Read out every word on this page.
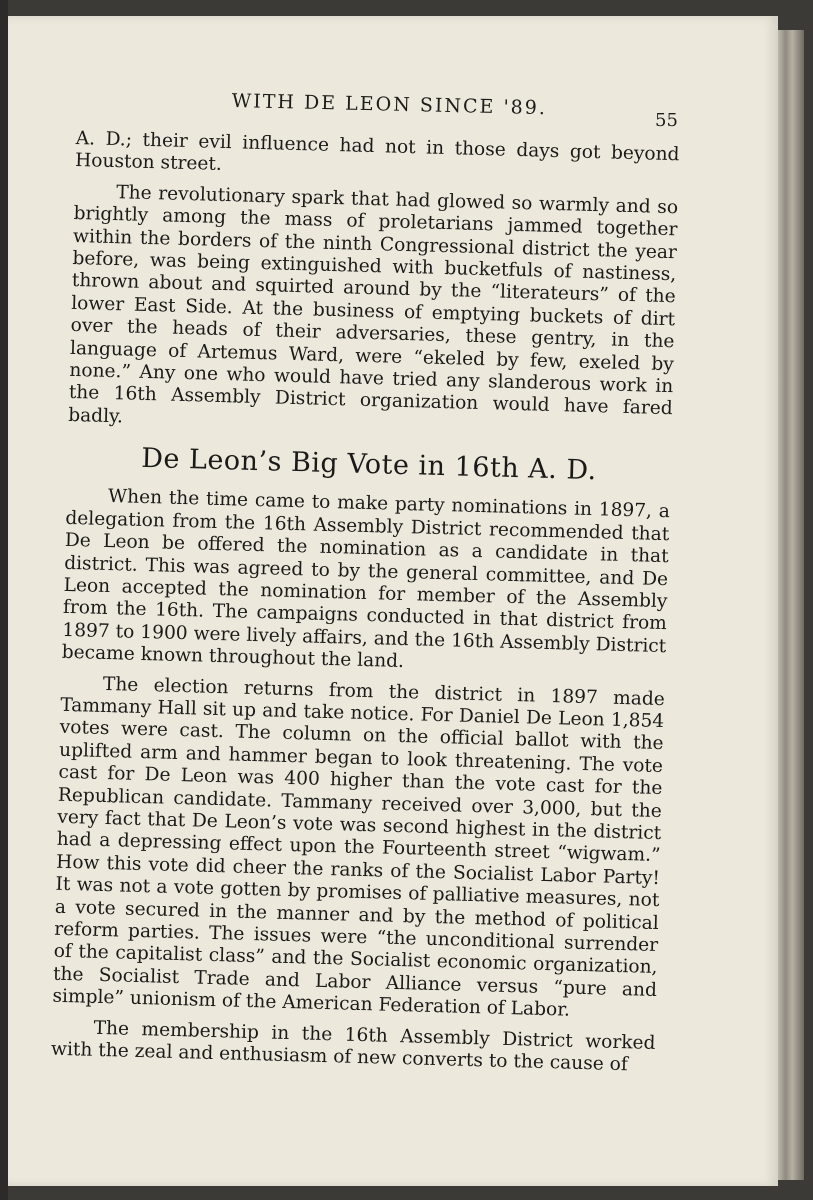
WITH DE LEON SINCE '89.
55

A. D.; their evil influence had not in those days got beyond Houston street.

The revolutionary spark that had glowed so warmly and so brightly among the mass of proletarians jammed together within the borders of the ninth Congressional district the year before, was being extinguished with bucketfuls of nastiness, thrown about and squirted around by the “literateurs” of the lower East Side. At the business of emptying buckets of dirt over the heads of their adversaries, these gentry, in the language of Artemus Ward, were “ekeled by few, exeled by none.” Any one who would have tried any slanderous work in the 16th Assembly District organization would have fared badly.

De Leon’s Big Vote in 16th A. D.

When the time came to make party nominations in 1897, a delegation from the 16th Assembly District recommended that De Leon be offered the nomination as a candidate in that district. This was agreed to by the general committee, and De Leon accepted the nomination for member of the Assembly from the 16th. The campaigns conducted in that district from 1897 to 1900 were lively affairs, and the 16th Assembly District became known throughout the land.

The election returns from the district in 1897 made Tammany Hall sit up and take notice. For Daniel De Leon 1,854 votes were cast. The column on the official ballot with the uplifted arm and hammer began to look threatening. The vote cast for De Leon was 400 higher than the vote cast for the Republican candidate. Tammany received over 3,000, but the very fact that De Leon’s vote was second highest in the district had a depressing effect upon the Fourteenth street “wigwam.” How this vote did cheer the ranks of the Socialist Labor Party! It was not a vote gotten by promises of palliative measures, not a vote secured in the manner and by the method of political reform parties. The issues were “the unconditional surrender of the capitalist class” and the Socialist economic organization, the Socialist Trade and Labor Alliance versus “pure and simple” unionism of the American Federation of Labor.

The membership in the 16th Assembly District worked with the zeal and enthusiasm of new converts to the cause of
